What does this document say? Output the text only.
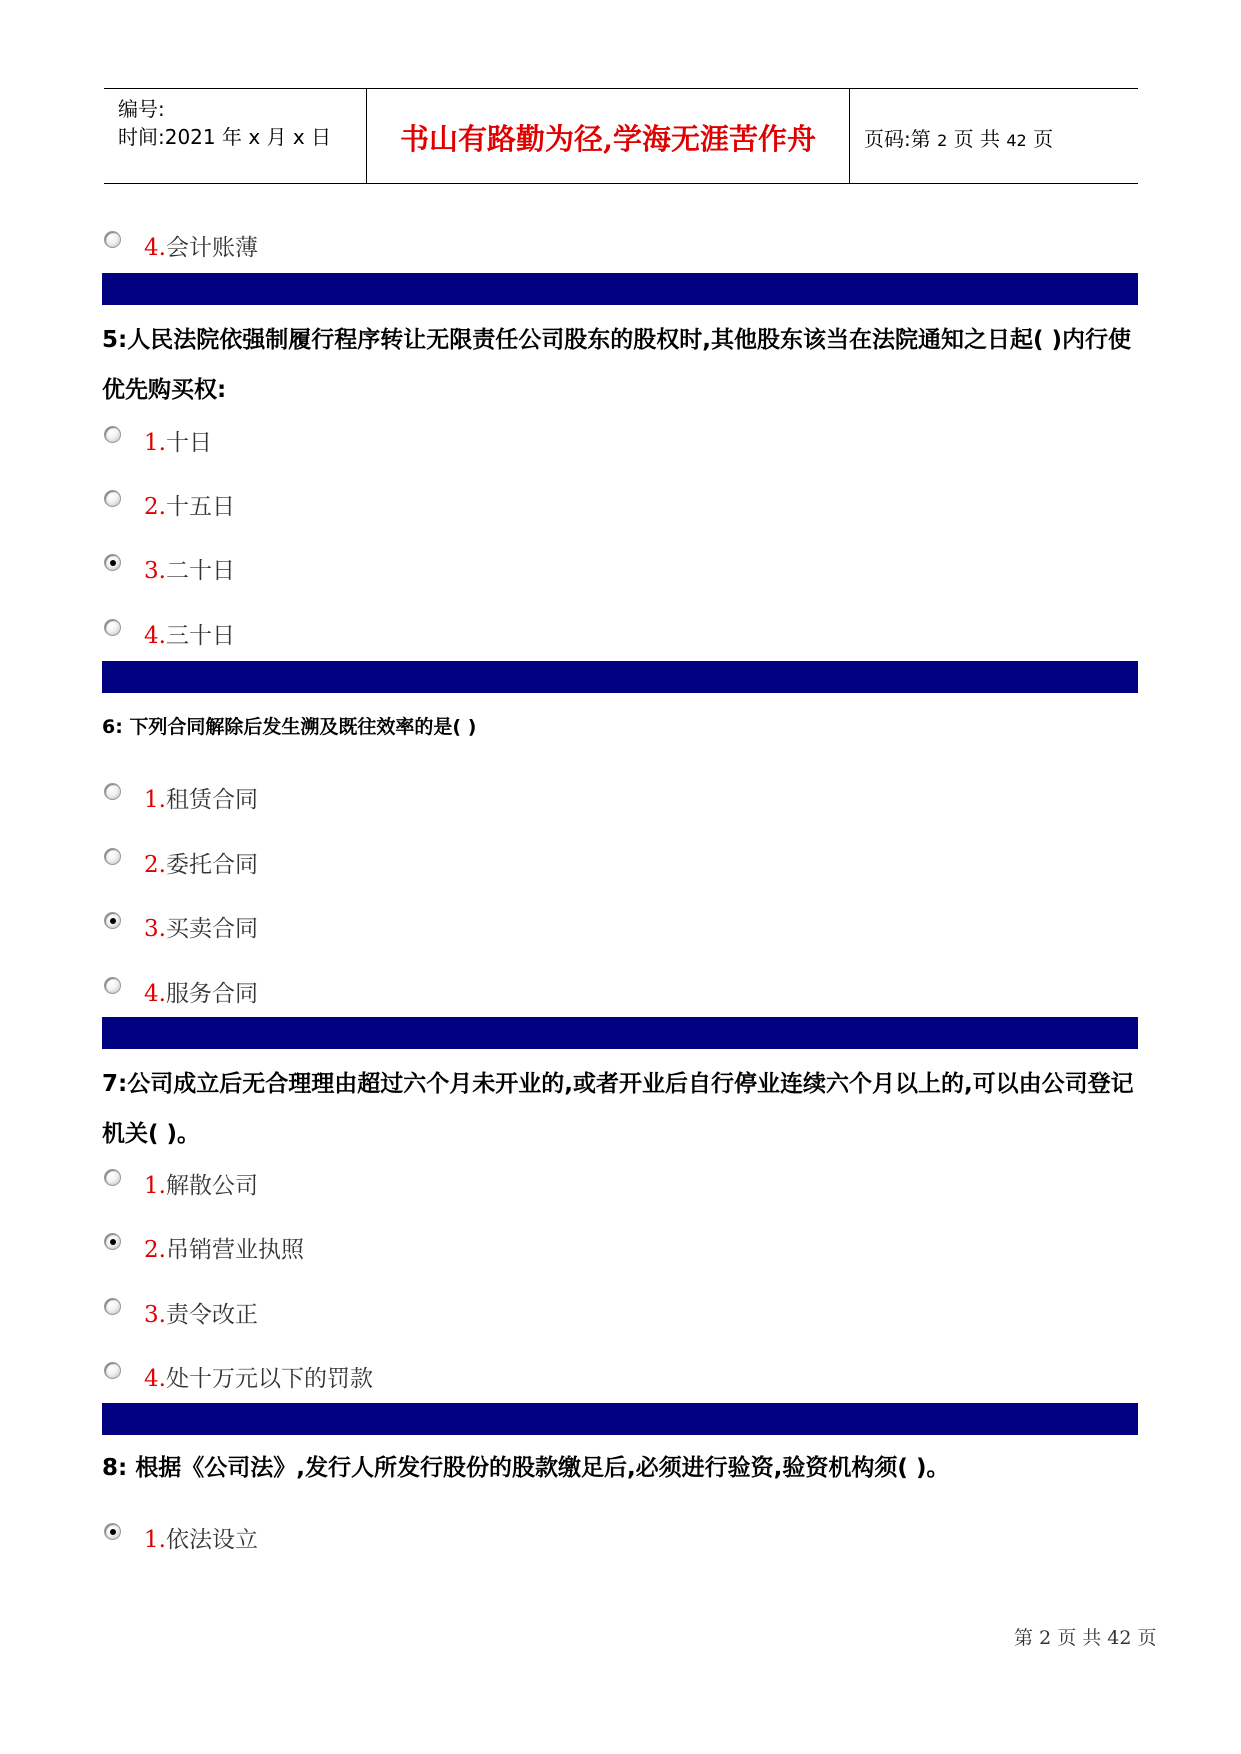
编号:
时间:2021 年 x 月 x 日	书山有路勤为径,学海无涯苦作舟	页码:第 2 页 共 42 页
4.会计账薄
5:人民法院依强制履行程序转让无限责任公司股东的股权时,其他股东该当在法院通知之日起( )内行使优先购买权:
1.十日
2.十五日
3.二十日
4.三十日
6: 下列合同解除后发生溯及既往效率的是( )
1.租赁合同
2.委托合同
3.买卖合同
4.服务合同
7:公司成立后无合理理由超过六个月未开业的,或者开业后自行停业连续六个月以上的,可以由公司登记机关( )。
1.解散公司
2.吊销营业执照
3.责令改正
4.处十万元以下的罚款
8: 根据《公司法》,发行人所发行股份的股款缴足后,必须进行验资,验资机构须( )。
1.依法设立
第 2 页 共 42 页
